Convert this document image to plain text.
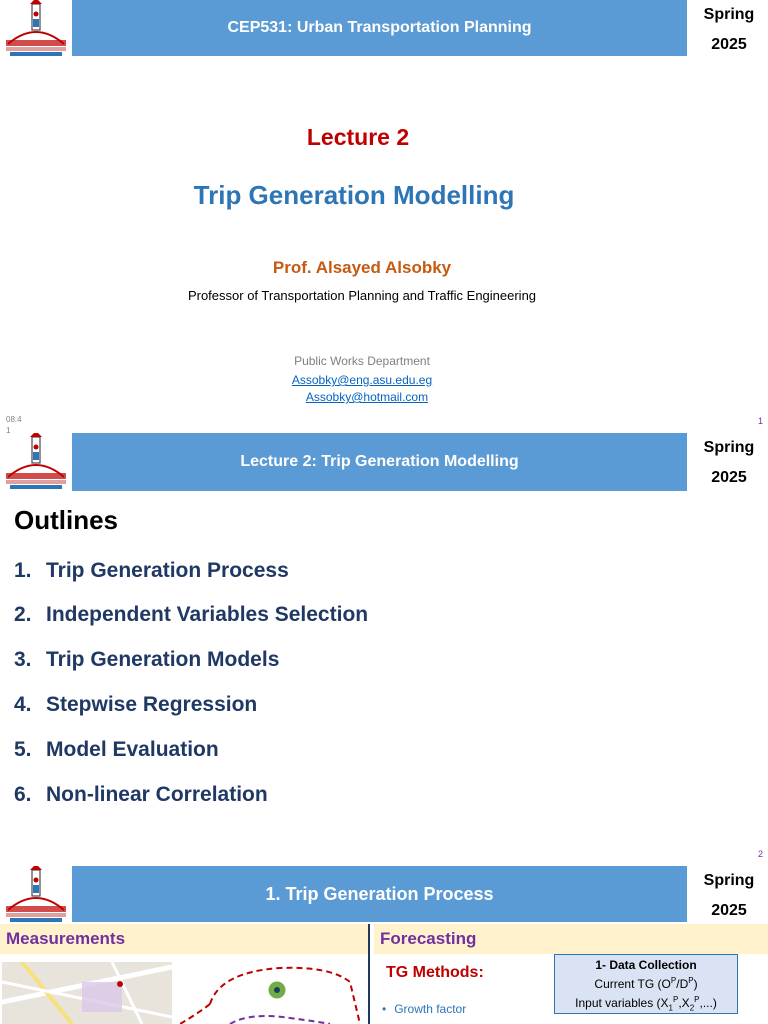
CEP531: Urban Transportation Planning
Spring
2025
Lecture 2
Trip Generation Modelling
Prof. Alsayed Alsobky
Professor of Transportation Planning and Traffic Engineering
Public Works Department
Assobky@eng.asu.edu.eg
Assobky@hotmail.com
08:4
1
1
Lecture 2: Trip Generation Modelling
Spring
2025
Outlines
1. Trip Generation Process
2. Independent Variables Selection
3. Trip Generation Models
4. Stepwise Regression
5. Model Evaluation
6. Non-linear Correlation
2
1. Trip Generation Process
Spring
2025
Measurements	Forecasting
TG Methods:
• Growth factor
1- Data Collection
Current TG $(O^P/D^P)$
Input variables $(X_1^P,X_2^P,...)$
